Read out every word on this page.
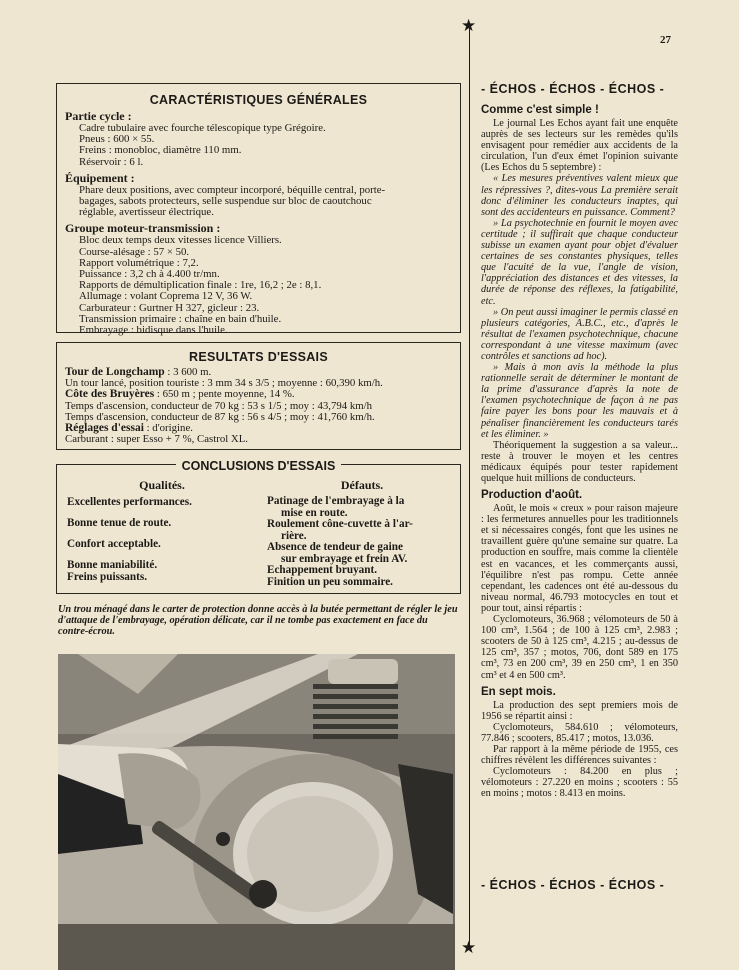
27
CARACTÉRISTIQUES GÉNÉRALES
Partie cycle :
Cadre tubulaire avec fourche télescopique type Grégoire.
Pneus : 600 × 55.
Freins : monobloc, diamètre 110 mm.
Réservoir : 6 l.
Équipement :
Phare deux positions, avec compteur incorporé, béquille central, porte-
bagages, sabots protecteurs, selle suspendue sur bloc de caoutchouc
réglable, avertisseur électrique.
Groupe moteur-transmission :
Bloc deux temps deux vitesses licence Villiers.
Course-alésage : 57 × 50.
Rapport volumétrique : 7,2.
Puissance : 3,2 ch à 4.400 tr/mn.
Rapports de démultiplication finale : 1re, 16,2 ; 2e : 8,1.
Allumage : volant Coprema 12 V, 36 W.
Carburateur : Gurtner H 327, gicleur : 23.
Transmission primaire : chaîne en bain d'huile.
Embrayage : bidisque dans l'huile.
RESULTATS D'ESSAIS
Tour de Longchamp : 3 600 m.
Un tour lancé, position touriste : 3 mm 34 s 3/5 ; moyenne : 60,390 km/h.
Côte des Bruyères : 650 m ; pente moyenne, 14 %.
Temps d'ascension, conducteur de 70 kg : 53 s 1/5 ; moy : 43,794 km/h
Temps d'ascension, conducteur de 87 kg : 56 s 4/5 ; moy : 41,760 km/h.
Réglages d'essai : d'origine.
Carburant : super Esso + 7 %, Castrol XL.
CONCLUSIONS D'ESSAIS
Qualités.
Excellentes performances.
Bonne tenue de route.
Confort acceptable.
Bonne maniabilité.
Freins puissants.
Défauts.
Patinage de l'embrayage à la
mise en route.
Roulement cône-cuvette à l'ar-
rière.
Absence de tendeur de gaine
sur embrayage et frein AV.
Echappement bruyant.
Finition un peu sommaire.
Un trou ménagé dans le carter de protection donne accès à la butée permettant de régler le jeu d'attaque de l'embrayage, opération délicate, car il ne tombe pas exactement en face du contre-écrou.
★
★
- ÉCHOS - ÉCHOS - ÉCHOS -
Comme c'est simple !

Le journal Les Echos ayant fait une enquête auprès de ses lecteurs sur les remèdes qu'ils envisagent pour remédier aux accidents de la circulation, l'un d'eux émet l'opinion suivante (Les Echos du 5 septembre) :

« Les mesures préventives valent mieux que les répressives ?, dites-vous La première serait donc d'éliminer les conducteurs inaptes, qui sont des accidenteurs en puissance. Comment?

» La psychotechnie en fournit le moyen avec certitude ; il suffirait que chaque conducteur subisse un examen ayant pour objet d'évaluer certaines de ses constantes physiques, telles que l'acuité de la vue, l'angle de vision, l'appréciation des distances et des vitesses, la durée de réponse des réflexes, la fatigabilité, etc.

» On peut aussi imaginer le permis classé en plusieurs catégories, A.B.C., etc., d'après le résultat de l'examen psychotechnique, chacune correspondant à une vitesse maximum (avec contrôles et sanctions ad hoc).

» Mais à mon avis la méthode la plus rationnelle serait de déterminer le montant de la prime d'assurance d'après la note de l'examen psychotechnique de façon à ne pas faire payer les bons pour les mauvais et à pénaliser financièrement les conducteurs tarés et les éliminer. »

Théoriquement la suggestion a sa valeur... reste à trouver le moyen et les centres médicaux équipés pour tester rapidement quelque huit millions de conducteurs.

Production d'août.

Août, le mois « creux » pour raison majeure : les fermetures annuelles pour les traditionnels et si nécessaires congés, font que les usines ne travaillent guère qu'une semaine sur quatre. La production en souffre, mais comme la clientèle est en vacances, et les commerçants aussi, l'équilibre n'est pas rompu. Cette année cependant, les cadences ont été au-dessous du niveau normal, 46.793 motocycles en tout et pour tout, ainsi répartis :

Cyclomoteurs, 36.968 ; vélomoteurs de 50 à 100 cm³, 1.564 ; de 100 à 125 cm³, 2.983 ; scooters de 50 à 125 cm³, 4.215 ; au-dessus de 125 cm³, 357 ; motos, 706, dont 589 en 175 cm³, 73 en 200 cm³, 39 en 250 cm³, 1 en 350 cm³ et 4 en 500 cm³.

En sept mois.

La production des sept premiers mois de 1956 se répartit ainsi :

Cyclomoteurs, 584.610 ; vélomoteurs, 77.846 ; scooters, 85.417 ; motos, 13.036.

Par rapport à la même période de 1955, ces chiffres révèlent les différences suivantes :

Cyclomoteurs : 84.200 en plus ; vélomoteurs : 27.220 en moins ; scooters : 55 en moins ; motos : 8.413 en moins.

- ÉCHOS - ÉCHOS - ÉCHOS -
